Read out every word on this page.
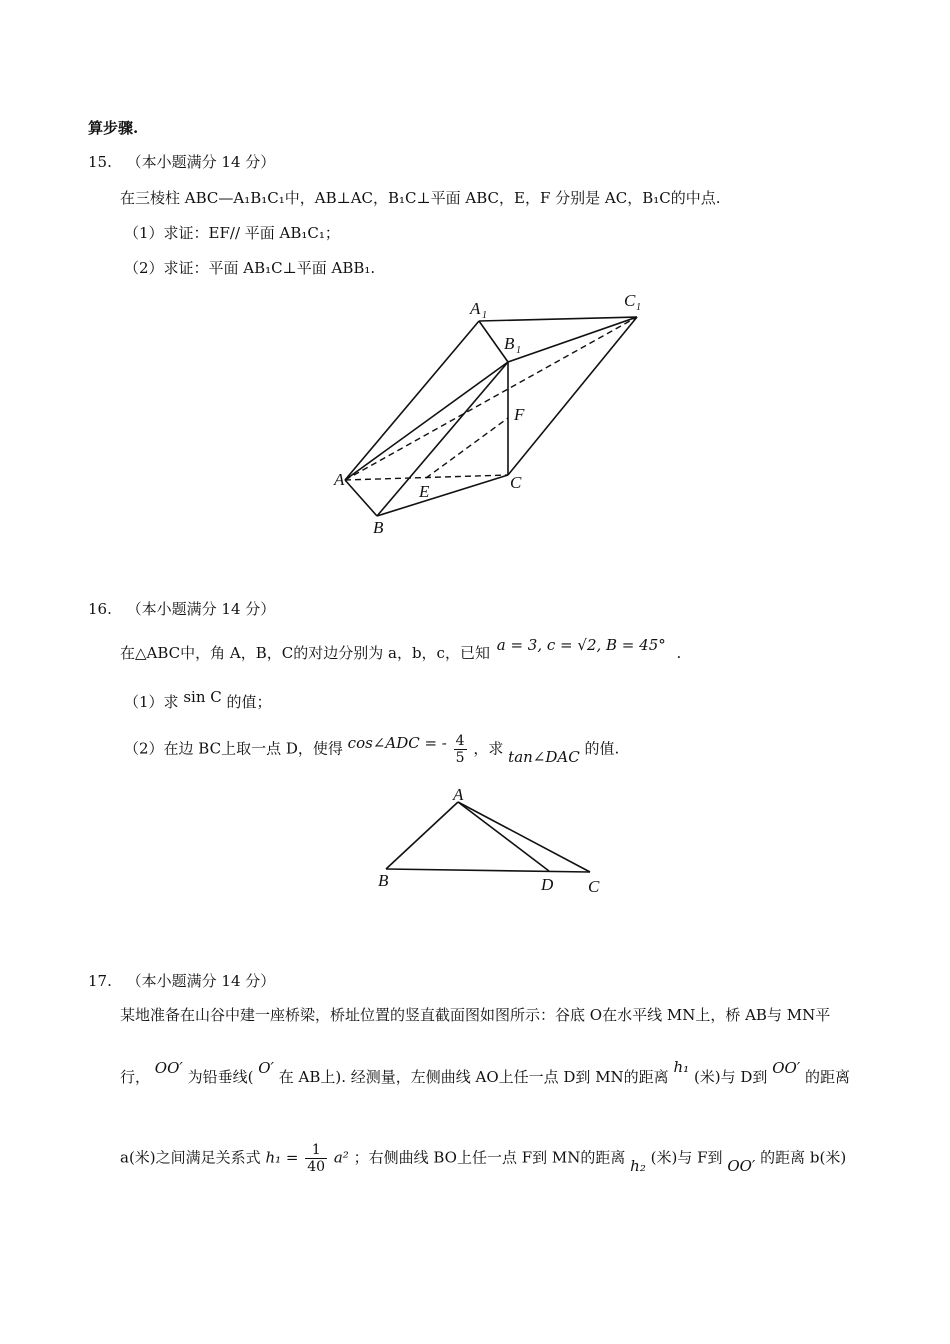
算步骤.
15. （本小题满分 14 分）
在三棱柱 ABC—A₁B₁C₁中，AB⊥AC，B₁C⊥平面 ABC，E，F 分别是 AC，B₁C的中点.
（1）求证：EF// 平面 AB₁C₁；
（2）求证：平面 AB₁C⊥平面 ABB₁.
A 1
B 1
C 1
F
A
E	C
B
16. （本小题满分 14 分）
在△ABC中，角 A，B，C的对边分别为 a，b，c，已知 a = 3, c = √2, B = 45° .
（1）求 sin C 的值；
（2）在边 BC上取一点 D，使得 cos∠ADC = - $\frac{4}{5}$ ，求 tan∠DAC 的值.
A
B	D C
17. （本小题满分 14 分）
某地准备在山谷中建一座桥梁，桥址位置的竖直截面图如图所示：谷底 O在水平线 MN上，桥 AB与 MN平
行， OO′ 为铅垂线( O′ 在 AB上). 经测量，左侧曲线 AO上任一点 D到 MN的距离 h₁ (米)与 D到 OO′ 的距离
a(米)之间满足关系式 $h_1 = \frac{1}{40} a^2$ ；右侧曲线 BO上任一点 F到 MN的距离 h₂ (米)与 F到 OO′ 的距离 b(米)
